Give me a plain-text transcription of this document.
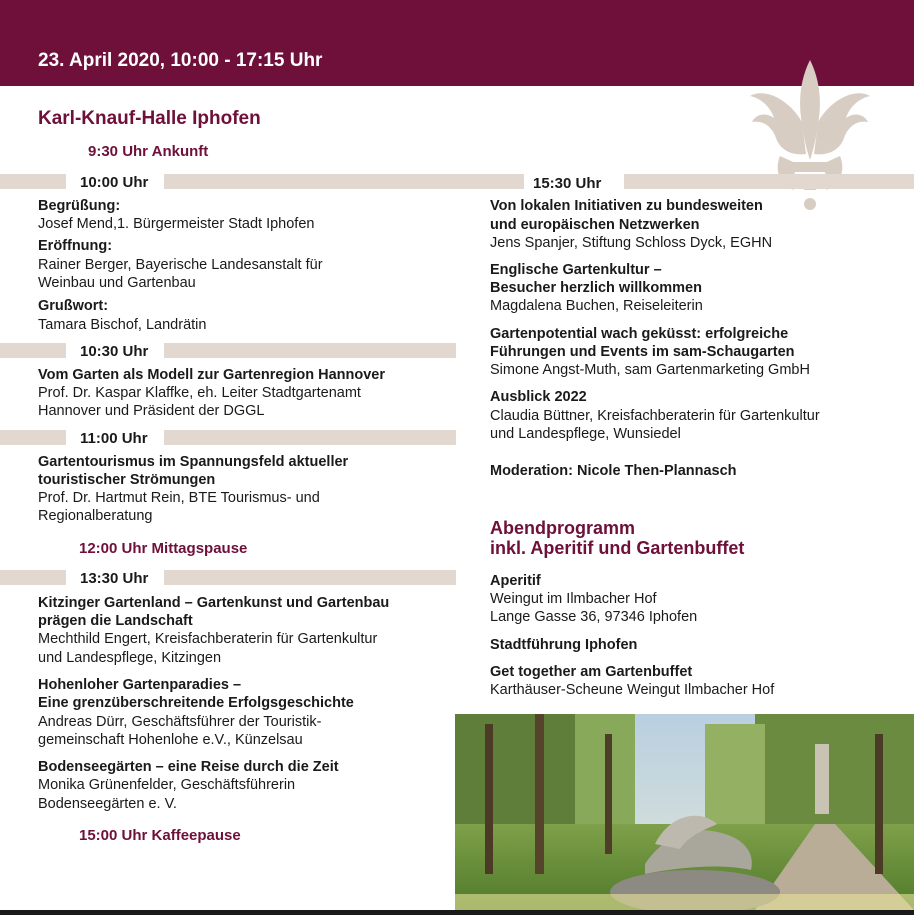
23. April 2020, 10:00 - 17:15 Uhr
Karl-Knauf-Halle Iphofen
9:30 Uhr Ankunft
10:00 Uhr
Begrüßung:
Josef Mend,1. Bürgermeister Stadt Iphofen
Eröffnung:
Rainer Berger, Bayerische Landesanstalt für
Weinbau und Gartenbau
Grußwort:
Tamara Bischof, Landrätin
10:30 Uhr
Vom Garten als Modell zur Gartenregion Hannover
Prof. Dr. Kaspar Klaffke, eh. Leiter Stadtgartenamt
Hannover und Präsident der DGGL
11:00 Uhr
Gartentourismus im Spannungsfeld aktueller
touristischer Strömungen
Prof. Dr. Hartmut Rein, BTE Tourismus- und
Regionalberatung
12:00 Uhr Mittagspause
13:30 Uhr
Kitzinger Gartenland – Gartenkunst und Gartenbau
prägen die Landschaft
Mechthild Engert, Kreisfachberaterin für Gartenkultur
und Landespflege, Kitzingen
Hohenloher Gartenparadies –
Eine grenzüberschreitende Erfolgsgeschichte
Andreas Dürr, Geschäftsführer der Touristik-
gemeinschaft Hohenlohe e.V., Künzelsau
Bodenseegärten – eine Reise durch die Zeit
Monika Grünenfelder, Geschäftsführerin
Bodenseegärten e. V.
15:00 Uhr Kaffeepause
15:30 Uhr
Von lokalen Initiativen zu bundesweiten
und europäischen Netzwerken
Jens Spanjer, Stiftung Schloss Dyck, EGHN
Englische Gartenkultur –
Besucher herzlich willkommen
Magdalena Buchen, Reiseleiterin
Gartenpotential wach geküsst: erfolgreiche
Führungen und Events im sam-Schaugarten
Simone Angst-Muth, sam Gartenmarketing GmbH
Ausblick 2022
Claudia Büttner, Kreisfachberaterin für Gartenkultur
und Landespflege, Wunsiedel
Moderation: Nicole Then-Plannasch
Abendprogramm
inkl. Aperitif und Gartenbuffet
Aperitif
Weingut im Ilmbacher Hof
Lange Gasse 36, 97346 Iphofen
Stadtführung Iphofen
Get together am Gartenbuffet
Karthäuser-Scheune Weingut Ilmbacher Hof
